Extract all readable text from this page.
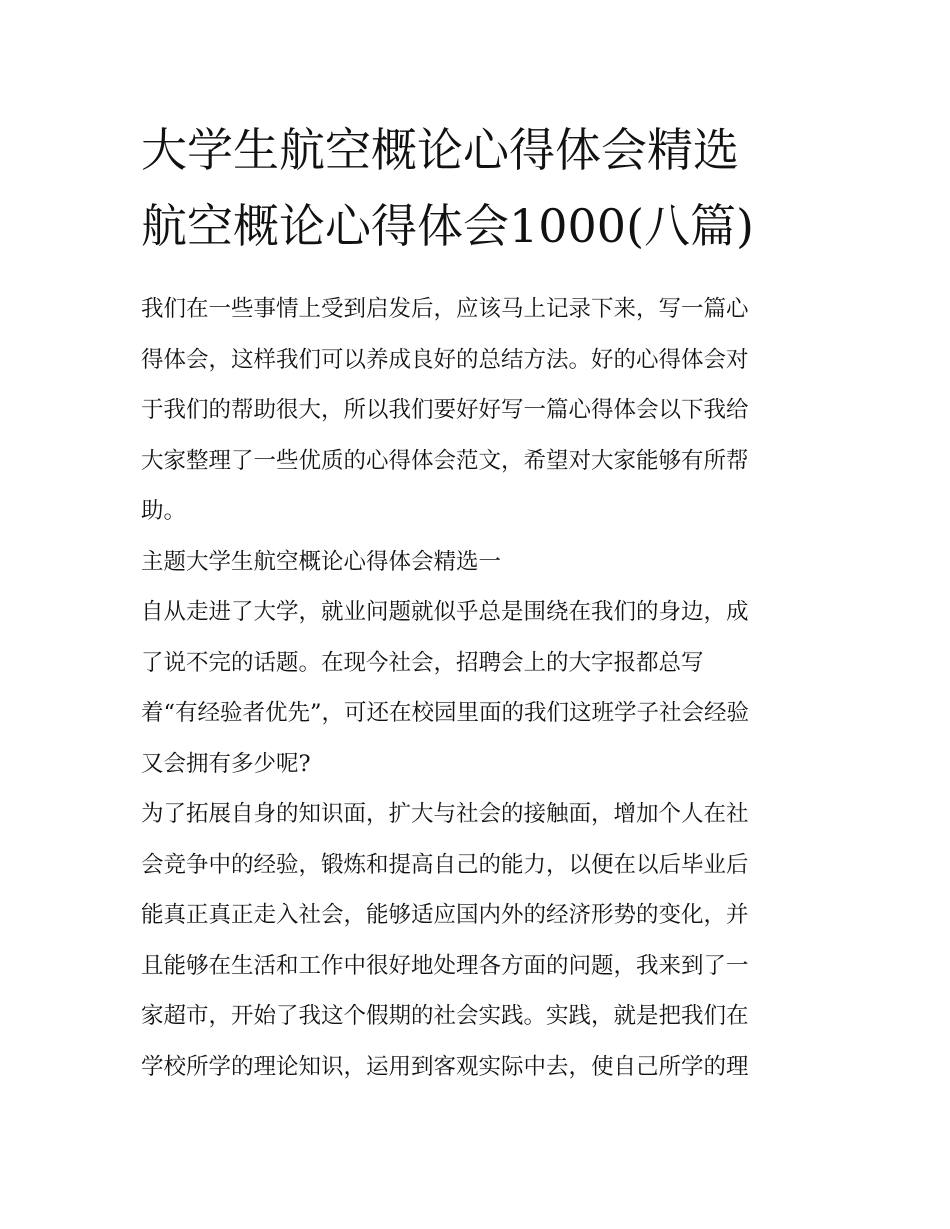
大学生航空概论心得体会精选
航空概论心得体会1000(八篇)
我们在一些事情上受到启发后，应该马上记录下来，写一篇心
得体会，这样我们可以养成良好的总结方法。好的心得体会对
于我们的帮助很大，所以我们要好好写一篇心得体会以下我给
大家整理了一些优质的心得体会范文，希望对大家能够有所帮
助。
主题大学生航空概论心得体会精选一
自从走进了大学，就业问题就似乎总是围绕在我们的身边，成
了说不完的话题。在现今社会，招聘会上的大字报都总写
着“有经验者优先”，可还在校园里面的我们这班学子社会经验
又会拥有多少呢?
为了拓展自身的知识面，扩大与社会的接触面，增加个人在社
会竞争中的经验，锻炼和提高自己的能力，以便在以后毕业后
能真正真正走入社会，能够适应国内外的经济形势的变化，并
且能够在生活和工作中很好地处理各方面的问题，我来到了一
家超市，开始了我这个假期的社会实践。实践，就是把我们在
学校所学的理论知识，运用到客观实际中去，使自己所学的理
